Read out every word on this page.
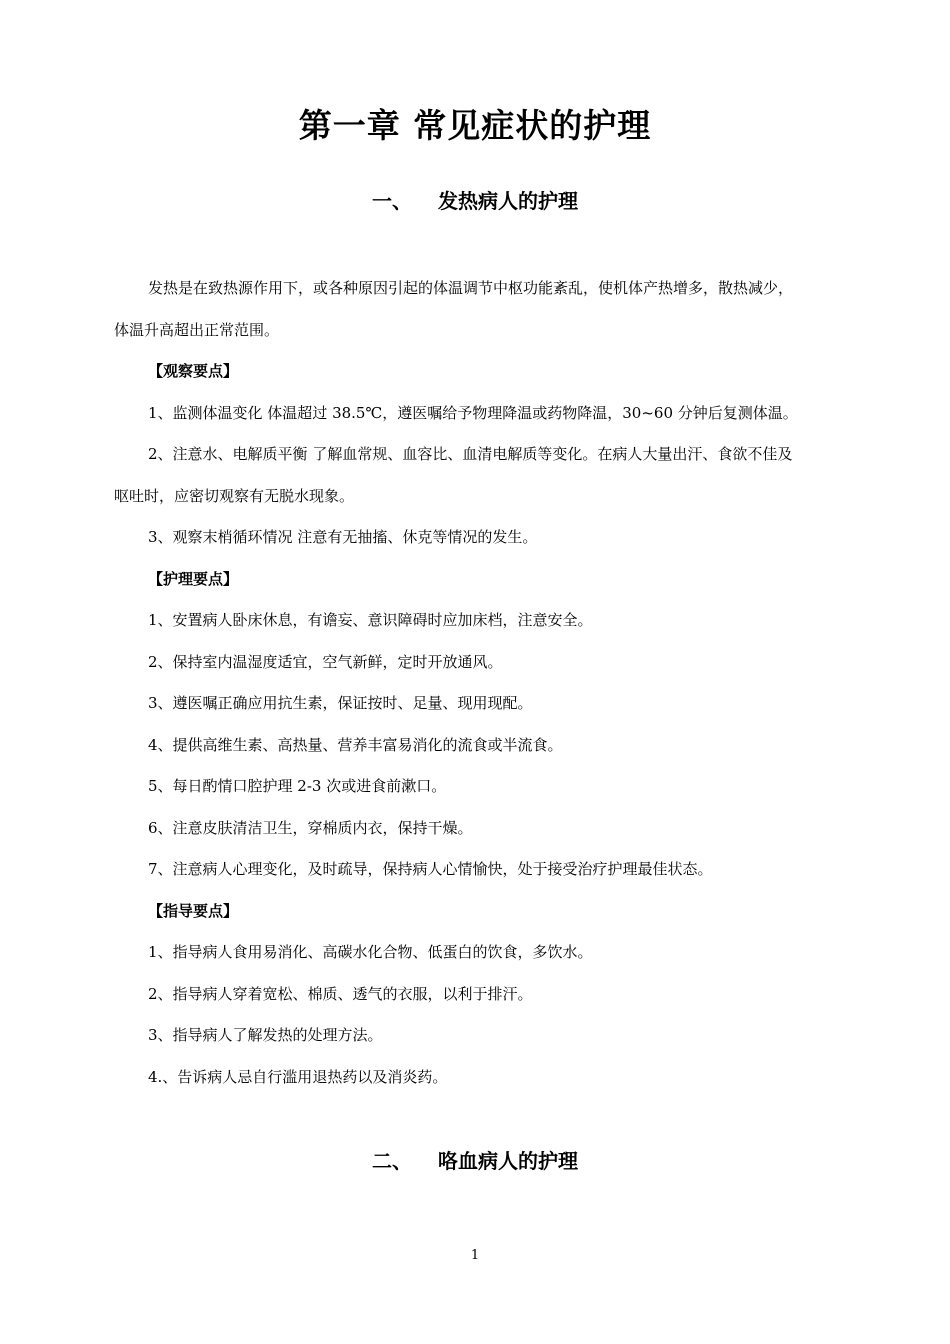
第一章 常见症状的护理
一、 发热病人的护理
发热是在致热源作用下，或各种原因引起的体温调节中枢功能紊乱，使机体产热增多，散热减少，
体温升高超出正常范围。
【观察要点】
1、监测体温变化 体温超过 38.5℃，遵医嘱给予物理降温或药物降温，30~60 分钟后复测体温。
2、注意水、电解质平衡 了解血常规、血容比、血清电解质等变化。在病人大量出汗、食欲不佳及
呕吐时，应密切观察有无脱水现象。
3、观察末梢循环情况 注意有无抽搐、休克等情况的发生。
【护理要点】
1、安置病人卧床休息，有谵妄、意识障碍时应加床档，注意安全。
2、保持室内温湿度适宜，空气新鲜，定时开放通风。
3、遵医嘱正确应用抗生素，保证按时、足量、现用现配。
4、提供高维生素、高热量、营养丰富易消化的流食或半流食。
5、每日酌情口腔护理 2-3 次或进食前漱口。
6、注意皮肤清洁卫生，穿棉质内衣，保持干燥。
7、注意病人心理变化，及时疏导，保持病人心情愉快，处于接受治疗护理最佳状态。
【指导要点】
1、指导病人食用易消化、高碳水化合物、低蛋白的饮食，多饮水。
2、指导病人穿着宽松、棉质、透气的衣服，以利于排汗。
3、指导病人了解发热的处理方法。
4.、告诉病人忌自行滥用退热药以及消炎药。
二、 咯血病人的护理
1
